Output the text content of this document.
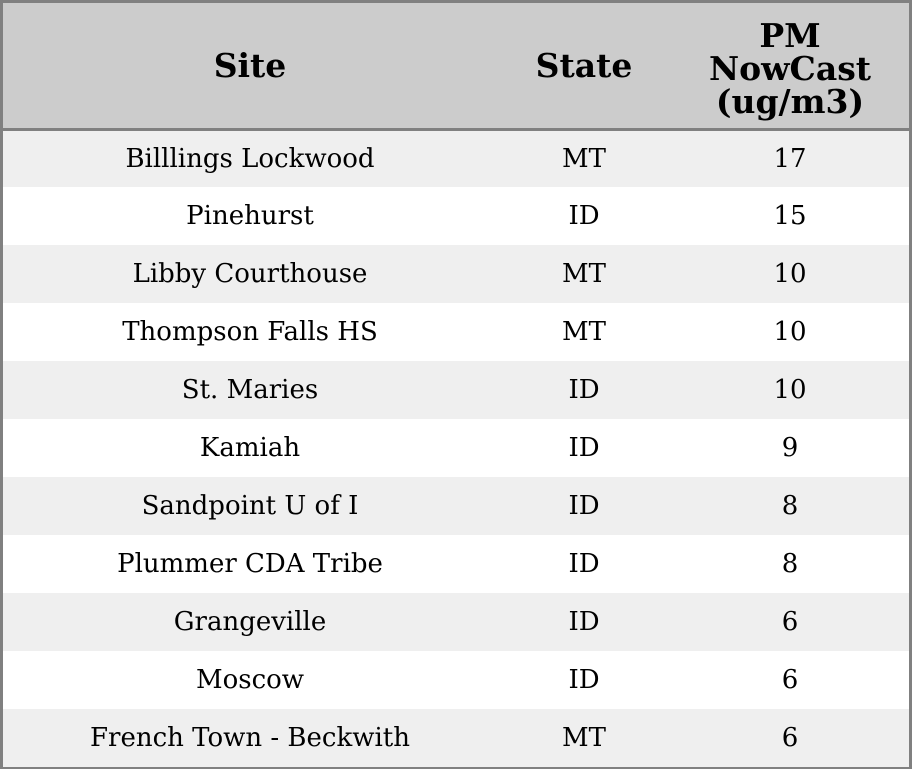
Site	State	PM
NowCast
(ug/m3)

Billlings Lockwood	MT	17
Pinehurst	ID	15
Libby Courthouse	MT	10
Thompson Falls HS	MT	10
St. Maries	ID	10
Kamiah	ID	9
Sandpoint U of I	ID	8
Plummer CDA Tribe	ID	8
Grangeville	ID	6
Moscow	ID	6
French Town - Beckwith	MT	6
